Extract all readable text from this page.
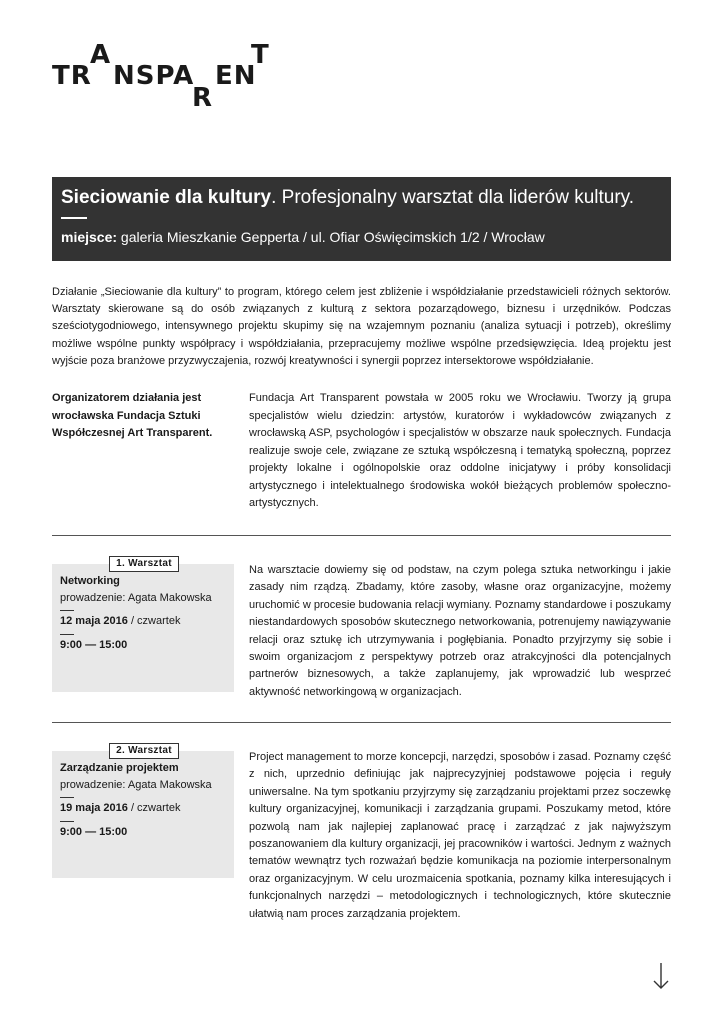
A	T
TR NSPA EN
R
Sieciowanie dla kultury. Profesjonalny warsztat dla liderów kultury.
miejsce: galeria Mieszkanie Gepperta / ul. Ofiar Oświęcimskich 1/2 / Wrocław
Działanie „Sieciowanie dla kultury” to program, którego celem jest zbliżenie i współdziałanie przedstawicieli różnych sektorów. Warsztaty skierowane są do osób związanych z kulturą z sektora pozarządowego, biznesu i urzędników. Podczas sześciotygodniowego, intensywnego projektu skupimy się na wzajemnym poznaniu (analiza sytuacji i potrzeb), określimy możliwe wspólne punkty współpracy i współdziałania, przepracujemy możliwe wspólne przedsięwzięcia. Ideą projektu jest wyjście poza branżowe przyzwyczajenia, rozwój kreatywności i synergii poprzez intersektorowe współdziałanie.
Organizatorem działania jest wrocławska Fundacja Sztuki Współczesnej Art Transparent.
Fundacja Art Transparent powstała w 2005 roku we Wrocławiu. Tworzy ją grupa specjalistów wielu dziedzin: artystów, kuratorów i wykładowców związanych z wrocławską ASP, psychologów i specjalistów w obszarze nauk społecznych. Fundacja realizuje swoje cele, związane ze sztuką współczesną i tematyką społeczną, poprzez projekty lokalne i ogólnopolskie oraz oddolne inicjatywy i próby konsolidacji artystycznego i intelektualnego środowiska wokół bieżących problemów społeczno-artystycznych.
1. Warsztat
Networking
prowadzenie: Agata Makowska
12 maja 2016 / czwartek
9:00 — 15:00
Na warsztacie dowiemy się od podstaw, na czym polega sztuka networkingu i jakie zasady nim rządzą. Zbadamy, które zasoby, własne oraz organizacyjne, możemy uruchomić w procesie budowania relacji wymiany. Poznamy standardowe i poszukamy niestandardowych sposobów skutecznego networkowania, potrenujemy nawiązywanie relacji oraz sztukę ich utrzymywania i pogłębiania. Ponadto przyjrzymy się sobie i swoim organizacjom z perspektywy potrzeb oraz atrakcyjności dla potencjalnych partnerów biznesowych, a także zaplanujemy, jak wprowadzić lub wesprzeć aktywność networkingową w organizacjach.
2. Warsztat
Zarządzanie projektem
prowadzenie: Agata Makowska
19 maja 2016 / czwartek
9:00 — 15:00
Project management to morze koncepcji, narzędzi, sposobów i zasad. Poznamy część z nich, uprzednio definiując jak najprecyzyjniej podstawowe pojęcia i reguły uniwersalne. Na tym spotkaniu przyjrzymy się zarządzaniu projektami przez soczewkę kultury organizacyjnej, komunikacji i zarządzania grupami. Poszukamy metod, które pozwolą nam jak najlepiej zaplanować pracę i zarządzać z jak najwyższym poszanowaniem dla kultury organizacji, jej pracowników i wartości. Jednym z ważnych tematów wewnątrz tych rozważań będzie komunikacja na poziomie interpersonalnym oraz organizacyjnym. W celu urozmaicenia spotkania, poznamy kilka interesujących i funkcjonalnych narzędzi – metodologicznych i technologicznych, które skutecznie ułatwią nam proces zarządzania projektem.
